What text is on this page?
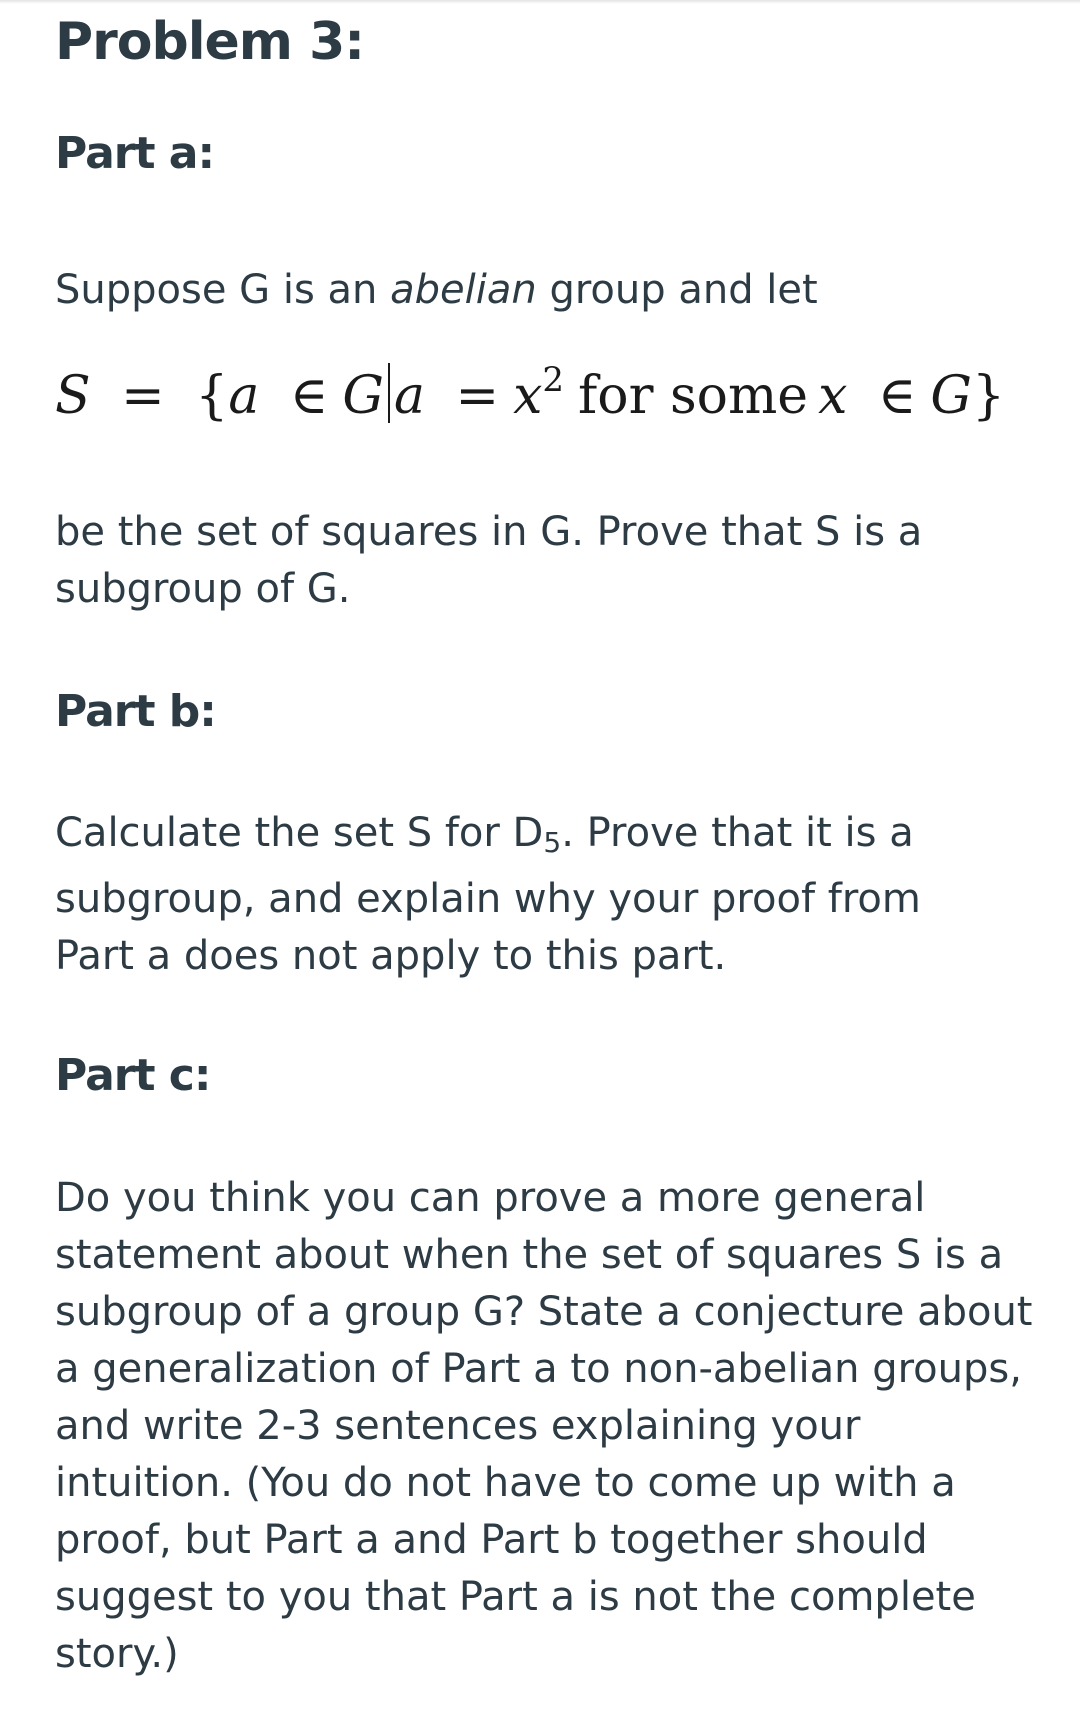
Problem 3:
Part a:

Suppose G is an abelian group and let

S = {a ∈ G $a = x^2$ for some x ∈ G}

be the set of squares in G. Prove that S is a subgroup of G.

Part b:

Calculate the set S for $D_5$. Prove that it is a subgroup, and explain why your proof from Part a does not apply to this part.

Part c:

Do you think you can prove a more general statement about when the set of squares S is a subgroup of a group G? State a conjecture about a generalization of Part a to non-abelian groups, and write 2-3 sentences explaining your intuition. (You do not have to come up with a proof, but Part a and Part b together should suggest to you that Part a is not the complete story.)
